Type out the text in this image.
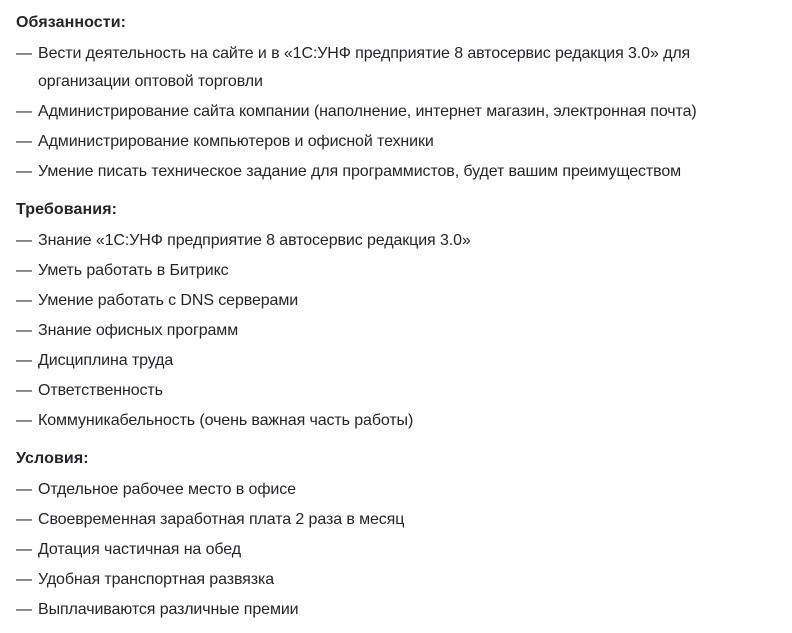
Обязанности:
— Вести деятельность на сайте и в «1С:УНФ предприятие 8 автосервис редакция 3.0» для организации оптовой торговли
— Администрирование сайта компании (наполнение, интернет магазин, электронная почта)
— Администрирование компьютеров и офисной техники
— Умение писать техническое задание для программистов, будет вашим преимуществом
Требования:
— Знание «1С:УНФ предприятие 8 автосервис редакция 3.0»
— Уметь работать в Битрикс
— Умение работать с DNS серверами
— Знание офисных программ
— Дисциплина труда
— Ответственность
— Коммуникабельность (очень важная часть работы)
Условия:
— Отдельное рабочее место в офисе
— Своевременная заработная плата 2 раза в месяц
— Дотация частичная на обед
— Удобная транспортная развязка
— Выплачиваются различные премии
